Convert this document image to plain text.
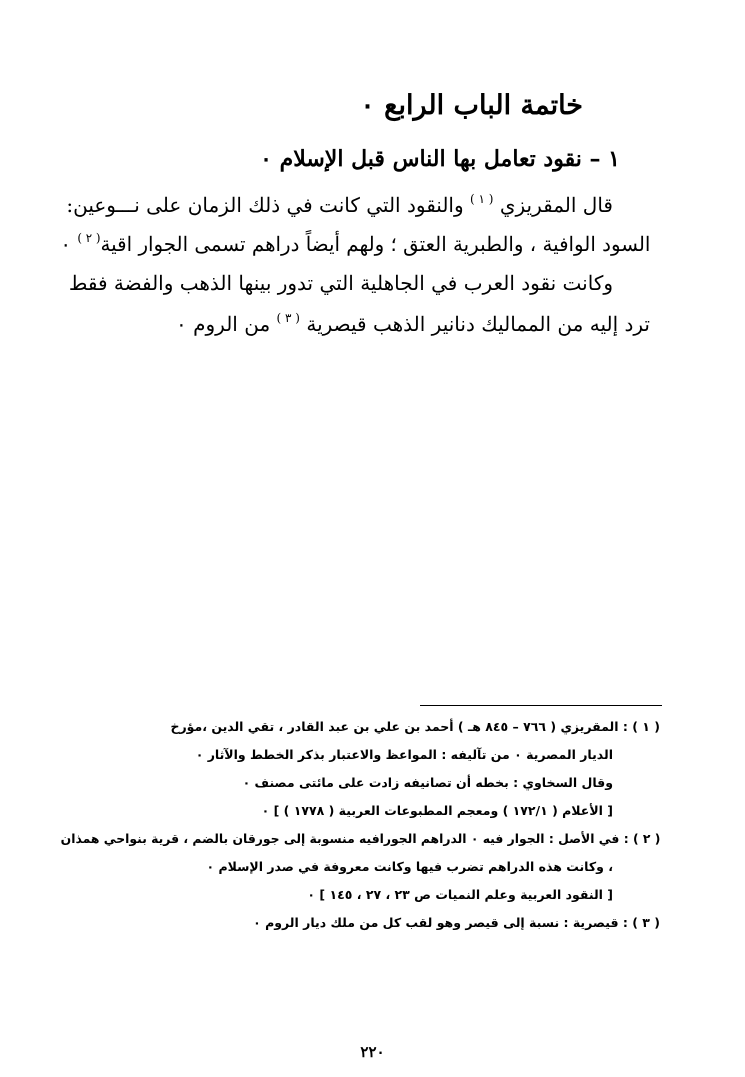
خاتمة الباب الرابع ٠
١ – نقود تعامل بها الناس قبل الإسلام ٠
قال المقريزي $^{( ١ )}$ والنقود التي كانت في ذلك الزمان على نـــوعين:
السود الوافية ، والطبرية العتق ؛ ولهم أيضاً دراهم تسمى الجوار اقية$^{( ٢ )}$ ٠
وكانت نقود العرب في الجاهلية التي تدور بينها الذهب والفضة فقط
ترد إليه من المماليك دنانير الذهب قيصرية $^{( ٣ )}$ من الروم ٠
( ١ ) : المقريزي ( ٧٦٦ – ٨٤٥ هـ ) أحمد بن علي بن عبد القادر ، تقي الدين ،مؤرخ
الديار المصرية ٠ من تآليفه : المواعظ والاعتبار بذكر الخطط والآثار ٠
وقال السخاوي : بخطه أن تصانيفه زادت على مائتى مصنف ٠
[ الأعلام ( ١٧٢/١ ) ومعجم المطبوعات العربية ( ١٧٧٨ ) ] ٠
( ٢ ) : في الأصل : الجوار فيه ٠ الدراهم الجورافيه منسوبة إلى جورقان بالضم ، قرية بنواحي همذان
، وكانت هذه الدراهم تضرب فيها وكانت معروفة في صدر الإسلام ٠
[ النقود العربية وعلم النميات ص ٢٣ ، ٢٧ ، ١٤٥ ] ٠
( ٣ ) : قيصرية : نسبة إلى قيصر وهو لقب كل من ملك ديار الروم ٠
٢٢٠
